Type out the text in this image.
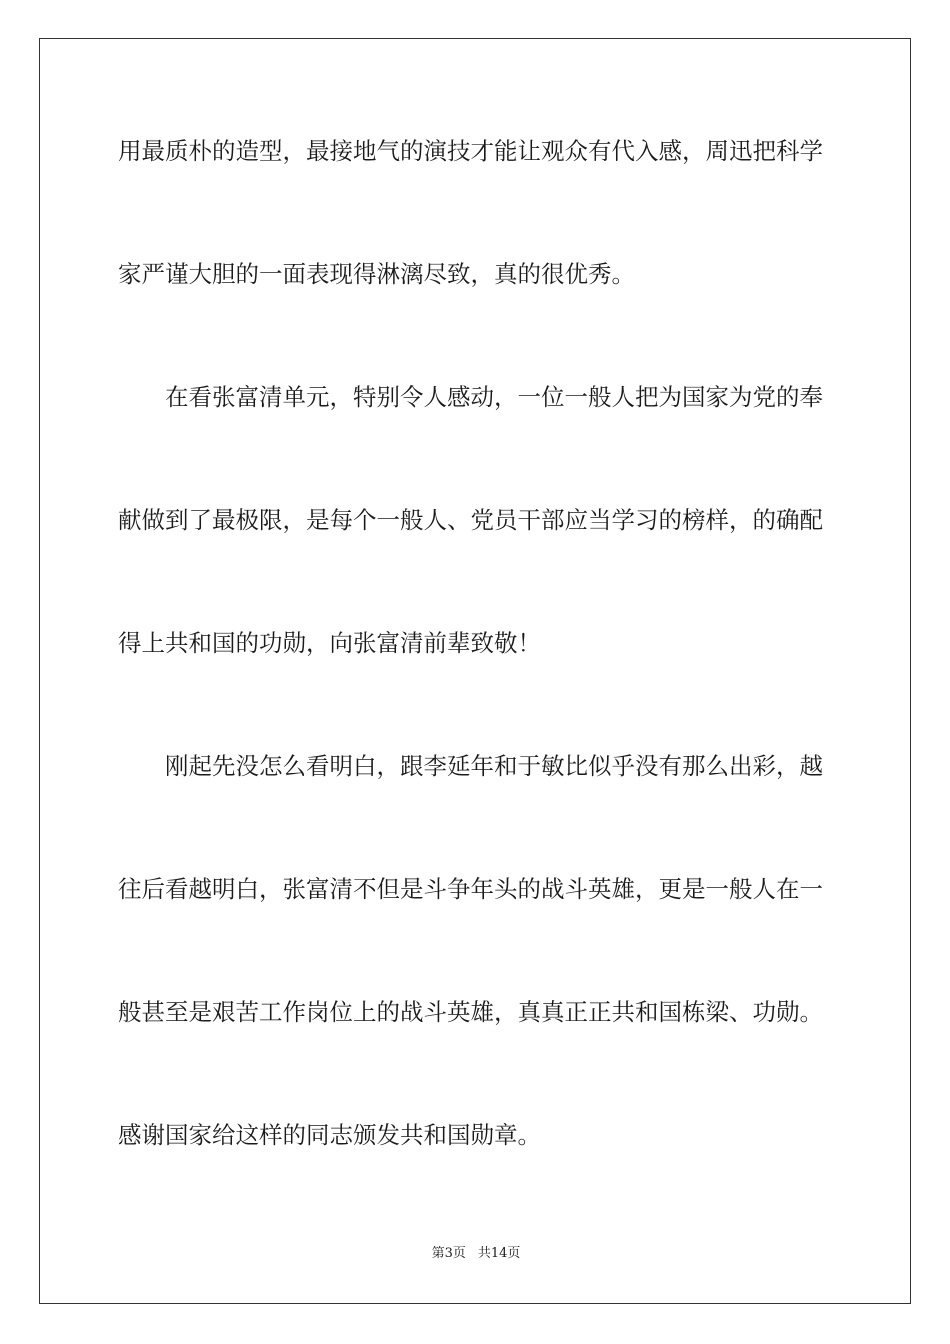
用最质朴的造型，最接地气的演技才能让观众有代入感，周迅把科学
家严谨大胆的一面表现得淋漓尽致，真的很优秀。
在看张富清单元，特别令人感动，一位一般人把为国家为党的奉
献做到了最极限，是每个一般人、党员干部应当学习的榜样，的确配
得上共和国的功勋，向张富清前辈致敬！
刚起先没怎么看明白，跟李延年和于敏比似乎没有那么出彩，越
往后看越明白，张富清不但是斗争年头的战斗英雄，更是一般人在一
般甚至是艰苦工作岗位上的战斗英雄，真真正正共和国栋梁、功勋。
感谢国家给这样的同志颁发共和国勋章。
第3页 共14页
